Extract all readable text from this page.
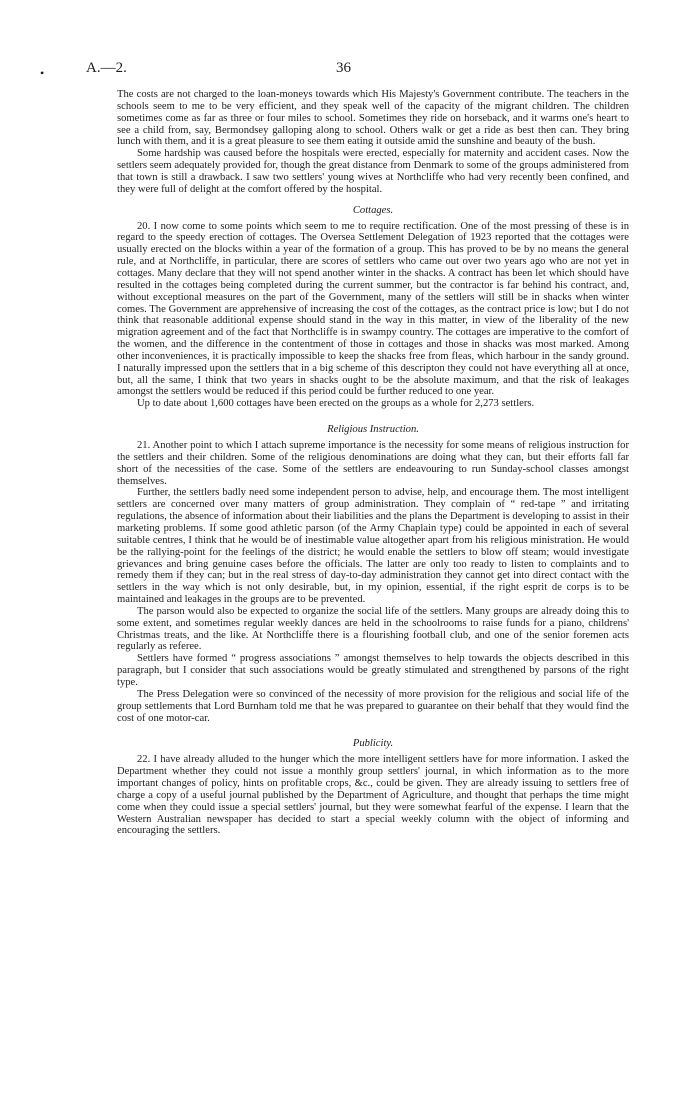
A.—2.	36
•

The costs are not charged to the loan-moneys towards which His Majesty's Government contribute. The teachers in the schools seem to me to be very efficient, and they speak well of the capacity of the migrant children. The children sometimes come as far as three or four miles to school. Sometimes they ride on horseback, and it warms one's heart to see a child from, say, Bermondsey galloping along to school. Others walk or get a ride as best then can. They bring lunch with them, and it is a great pleasure to see them eating it outside amid the sunshine and beauty of the bush.

Some hardship was caused before the hospitals were erected, especially for maternity and accident cases. Now the settlers seem adequately provided for, though the great distance from Denmark to some of the groups administered from that town is still a drawback. I saw two settlers' young wives at Northcliffe who had very recently been confined, and they were full of delight at the comfort offered by the hospital.

Cottages.

20. I now come to some points which seem to me to require rectification. One of the most pressing of these is in regard to the speedy erection of cottages. The Oversea Settlement Delegation of 1923 reported that the cottages were usually erected on the blocks within a year of the formation of a group. This has proved to be by no means the general rule, and at Northcliffe, in particular, there are scores of settlers who came out over two years ago who are not yet in cottages. Many declare that they will not spend another winter in the shacks. A contract has been let which should have resulted in the cottages being completed during the current summer, but the contractor is far behind his contract, and, without exceptional measures on the part of the Government, many of the settlers will still be in shacks when winter comes. The Government are apprehensive of increasing the cost of the cottages, as the contract price is low; but I do not think that reasonable additional expense should stand in the way in this matter, in view of the liberality of the new migration agreement and of the fact that Northcliffe is in swampy country. The cottages are imperative to the comfort of the women, and the difference in the contentment of those in cottages and those in shacks was most marked. Among other inconveniences, it is practically impossible to keep the shacks free from fleas, which harbour in the sandy ground. I naturally impressed upon the settlers that in a big scheme of this descripton they could not have everything all at once, but, all the same, I think that two years in shacks ought to be the absolute maximum, and that the risk of leakages amongst the settlers would be reduced if this period could be further reduced to one year.

Up to date about 1,600 cottages have been erected on the groups as a whole for 2,273 settlers.

Religious Instruction.

21. Another point to which I attach supreme importance is the necessity for some means of religious instruction for the settlers and their children. Some of the religious denominations are doing what they can, but their efforts fall far short of the necessities of the case. Some of the settlers are endeavouring to run Sunday-school classes amongst themselves.

Further, the settlers badly need some independent person to advise, help, and encourage them. The most intelligent settlers are concerned over many matters of group administration. They complain of “ red-tape ” and irritating regulations, the absence of information about their liabilities and the plans the Department is developing to assist in their marketing problems. If some good athletic parson (of the Army Chaplain type) could be appointed in each of several suitable centres, I think that he would be of inestimable value altogether apart from his religious ministration. He would be the rallying-point for the feelings of the district; he would enable the settlers to blow off steam; would investigate grievances and bring genuine cases before the officials. The latter are only too ready to listen to complaints and to remedy them if they can; but in the real stress of day-to-day administration they cannot get into direct contact with the settlers in the way which is not only desirable, but, in my opinion, essential, if the right esprit de corps is to be maintained and leakages in the groups are to be prevented.

The parson would also be expected to organize the social life of the settlers. Many groups are already doing this to some extent, and sometimes regular weekly dances are held in the schoolrooms to raise funds for a piano, childrens' Christmas treats, and the like. At Northcliffe there is a flourishing football club, and one of the senior foremen acts regularly as referee.

Settlers have formed “ progress associations ” amongst themselves to help towards the objects described in this paragraph, but I consider that such associations would be greatly stimulated and strengthened by parsons of the right type.

The Press Delegation were so convinced of the necessity of more provision for the religious and social life of the group settlements that Lord Burnham told me that he was prepared to guarantee on their behalf that they would find the cost of one motor-car.

Publicity.

22. I have already alluded to the hunger which the more intelligent settlers have for more information. I asked the Department whether they could not issue a monthly group settlers' journal, in which information as to the more important changes of policy, hints on profitable crops, &c., could be given. They are already issuing to settlers free of charge a copy of a useful journal published by the Department of Agriculture, and thought that perhaps the time might come when they could issue a special settlers' journal, but they were somewhat fearful of the expense. I learn that the Western Australian newspaper has decided to start a special weekly column with the object of informing and encouraging the settlers.
